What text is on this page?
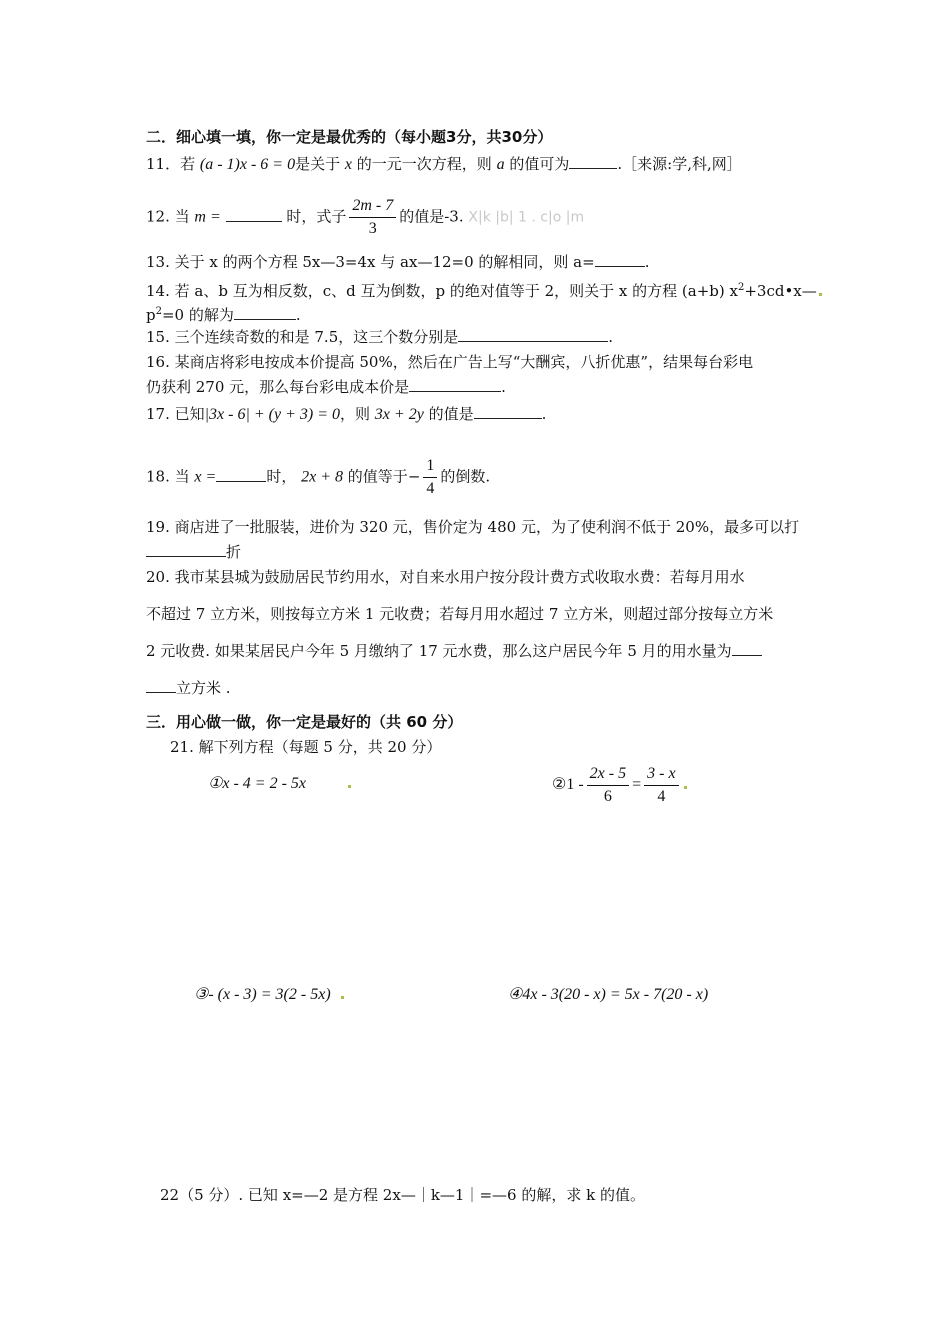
二．细心填一填，你一定是最优秀的（每小题3分，共30分）
11．若 (a - 1)x - 6 = 0是关于 x 的一元一次方程，则 a 的值可为	.［来源:学,科,网］
12. 当 m =	时，式子 $\frac{2m - 7}{3}$ 的值是-3. X|k |b| 1 . c|o |m
13. 关于 x 的两个方程 5x—3=4x 与 ax—12=0 的解相同，则 a=	.
14. 若 a、b 互为相反数，c、d 互为倒数，p 的绝对值等于 2，则关于 x 的方程 (a+b) $x^2+3cd•x—$
$p^2=0$ 的解为	.
15. 三个连续奇数的和是 7.5，这三个数分别是	.
16. 某商店将彩电按成本价提高 50%，然后在广告上写“大酬宾，八折优惠”，结果每台彩电
仍获利 270 元，那么每台彩电成本价是	.
17. 已知|3x - 6| + (y + 3) = 0，则 3x + 2y 的值是	.
18. 当 x =	时， 2x + 8 的值等于− $\frac{1}{4}$ 的倒数.
19. 商店进了一批服装，进价为 320 元，售价定为 480 元，为了使利润不低于 20%，最多可以打
折
20. 我市某县城为鼓励居民节约用水，对自来水用户按分段计费方式收取水费：若每月用水
不超过 7 立方米，则按每立方米 1 元收费；若每月用水超过 7 立方米，则超过部分按每立方米
2 元收费. 如果某居民户今年 5 月缴纳了 17 元水费，那么这户居民今年 5 月的用水量为
立方米 .
三．用心做一做，你一定是最好的（共 60 分）
21. 解下列方程（每题 5 分，共 20 分）
①x - 4 = 2 - 5x	②1 - $\frac{2x - 5}{6} = \frac{3 - x}{4}$
③- (x - 3) = 3(2 - 5x)	④4x - 3(20 - x) = 5x - 7(20 - x)
22（5 分）. 已知 x=—2 是方程 2x—｜k—1｜=—6 的解，求 k 的值。
